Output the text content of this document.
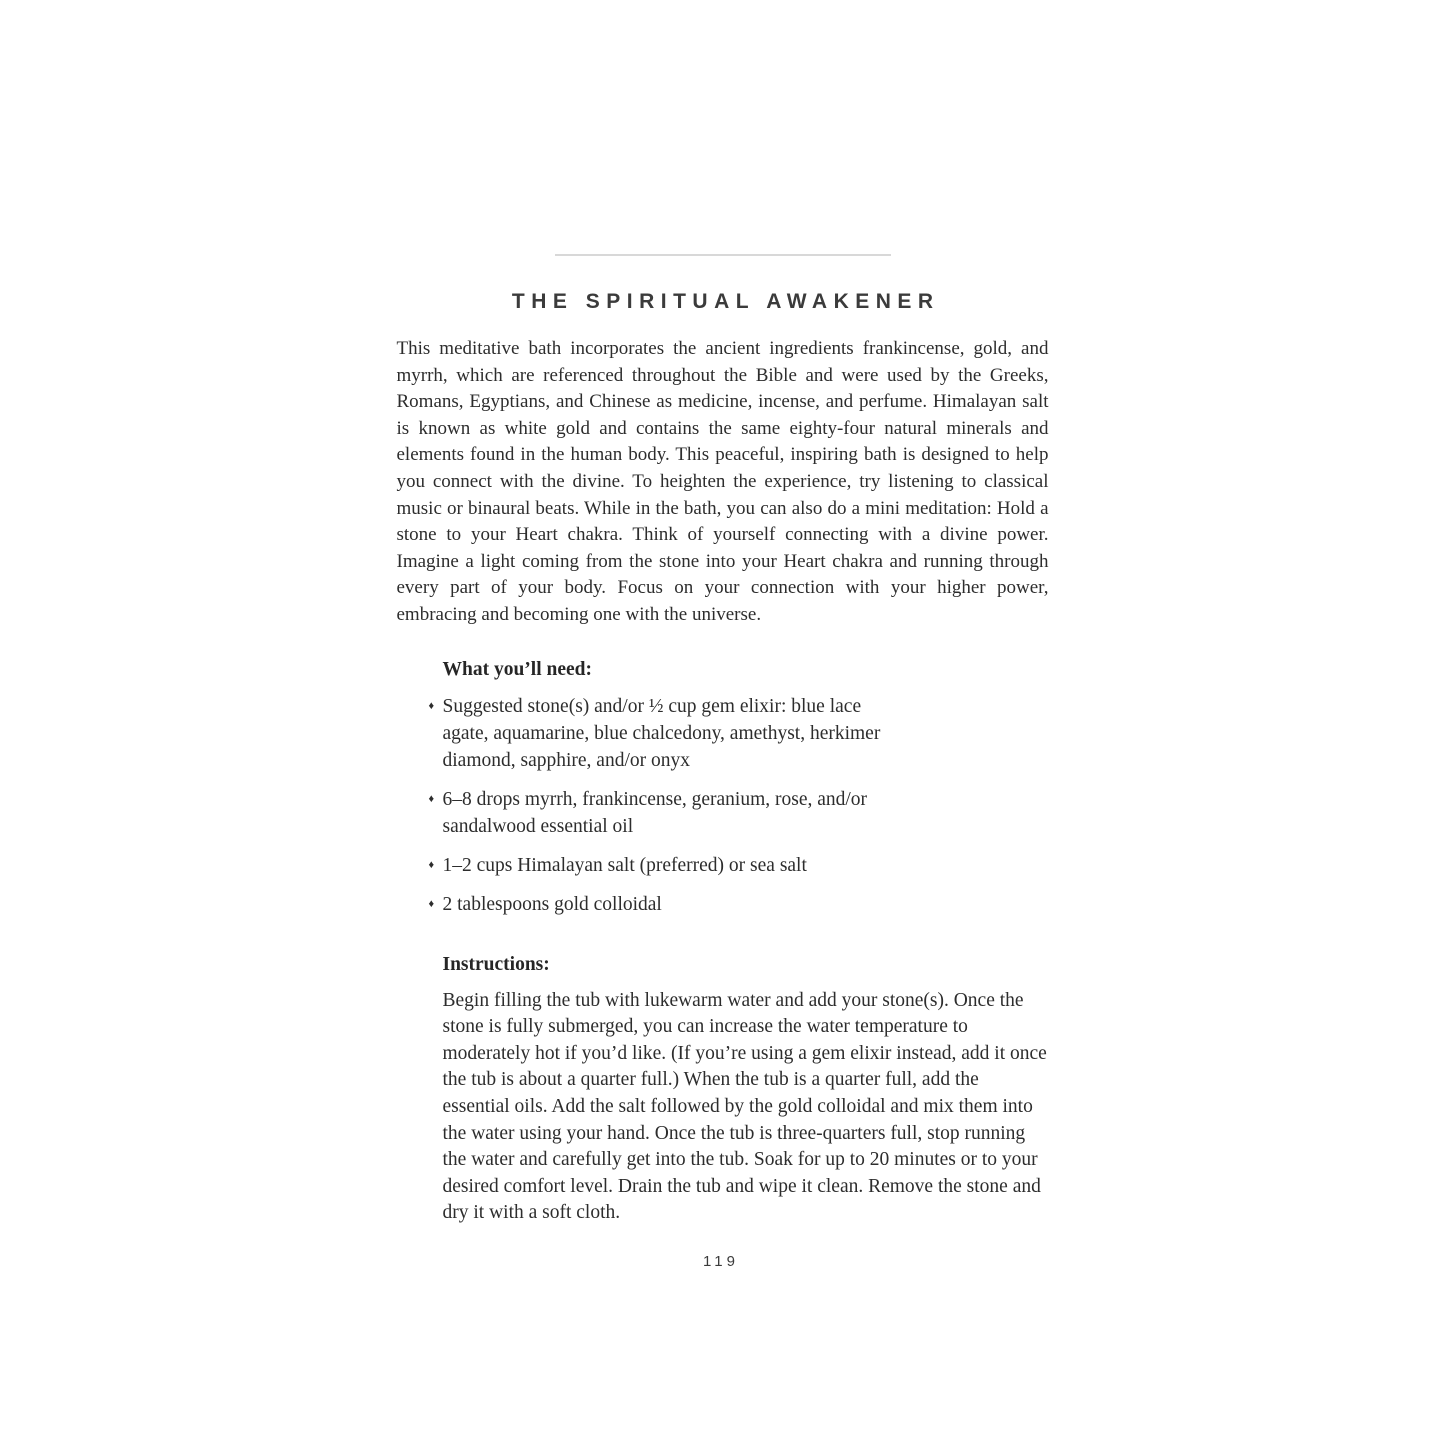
THE SPIRITUAL AWAKENER

This meditative bath incorporates the ancient ingredients frankincense, gold, and myrrh, which are referenced throughout the Bible and were used by the Greeks, Romans, Egyptians, and Chinese as medicine, incense, and perfume. Himalayan salt is known as white gold and contains the same eighty-four natural minerals and elements found in the human body. This peaceful, inspiring bath is designed to help you connect with the divine. To heighten the experience, try listening to classical music or binaural beats. While in the bath, you can also do a mini meditation: Hold a stone to your Heart chakra. Think of yourself connecting with a divine power. Imagine a light coming from the stone into your Heart chakra and running through every part of your body. Focus on your connection with your higher power, embracing and becoming one with the universe.

What you’ll need:
♦ Suggested stone(s) and/or ½ cup gem elixir: blue lace agate, aquamarine, blue chalcedony, amethyst, herkimer diamond, sapphire, and/or onyx
♦ 6–8 drops myrrh, frankincense, geranium, rose, and/or sandalwood essential oil
♦ 1–2 cups Himalayan salt (preferred) or sea salt
♦ 2 tablespoons gold colloidal
Instructions:

Begin filling the tub with lukewarm water and add your stone(s). Once the stone is fully submerged, you can increase the water temperature to moderately hot if you’d like. (If you’re using a gem elixir instead, add it once the tub is about a quarter full.) When the tub is a quarter full, add the essential oils. Add the salt followed by the gold colloidal and mix them into the water using your hand. Once the tub is three-quarters full, stop running the water and carefully get into the tub. Soak for up to 20 minutes or to your desired comfort level. Drain the tub and wipe it clean. Remove the stone and dry it with a soft cloth.

119
